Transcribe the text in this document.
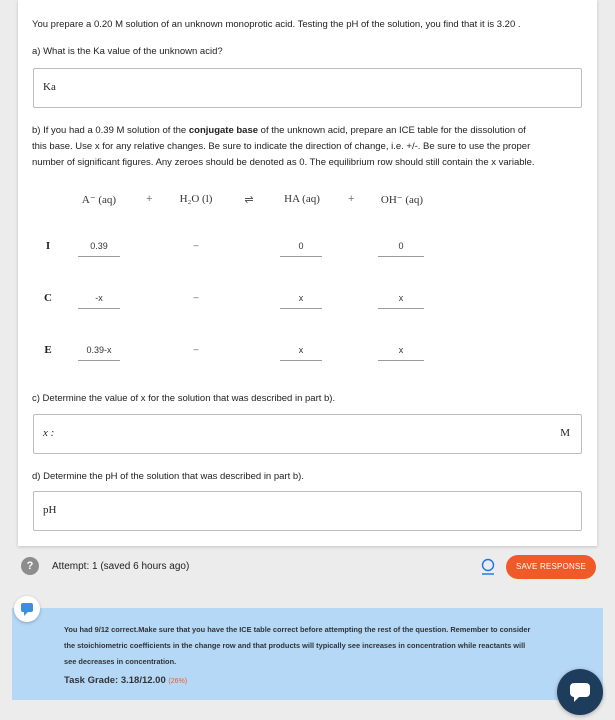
You prepare a 0.20 M solution of an unknown monoprotic acid. Testing the pH of the solution, you find that it is 3.20 .
a) What is the Ka value of the unknown acid?
Ka
b) If you had a 0.39 M solution of the conjugate base of the unknown acid, prepare an ICE table for the dissolution of
this base. Use x for any relative changes. Be sure to indicate the direction of change, i.e. +/-. Be sure to use the proper
number of significant figures. Any zeroes should be denoted as 0. The equilibrium row should still contain the x variable.
A⁻ (aq)	+	H₂O (l)	⇌	HA (aq)	+	OH⁻ (aq)
I	0.39	–	0	0
C	-x	–	x	x
E	0.39-x	–	x	x
c) Determine the value of x for the solution that was described in part b).
x :	M
d) Determine the pH of the solution that was described in part b).
pH
?	Attempt: 1 (saved 6 hours ago)	SAVE RESPONSE
You had 9/12 correct.Make sure that you have the ICE table correct before attempting the rest of the question. Remember to consider
the stoichiometric coefficients in the change row and that products will typically see increases in concentration while reactants will
see decreases in concentration.
Task Grade: 3.18/12.00 (26%)
